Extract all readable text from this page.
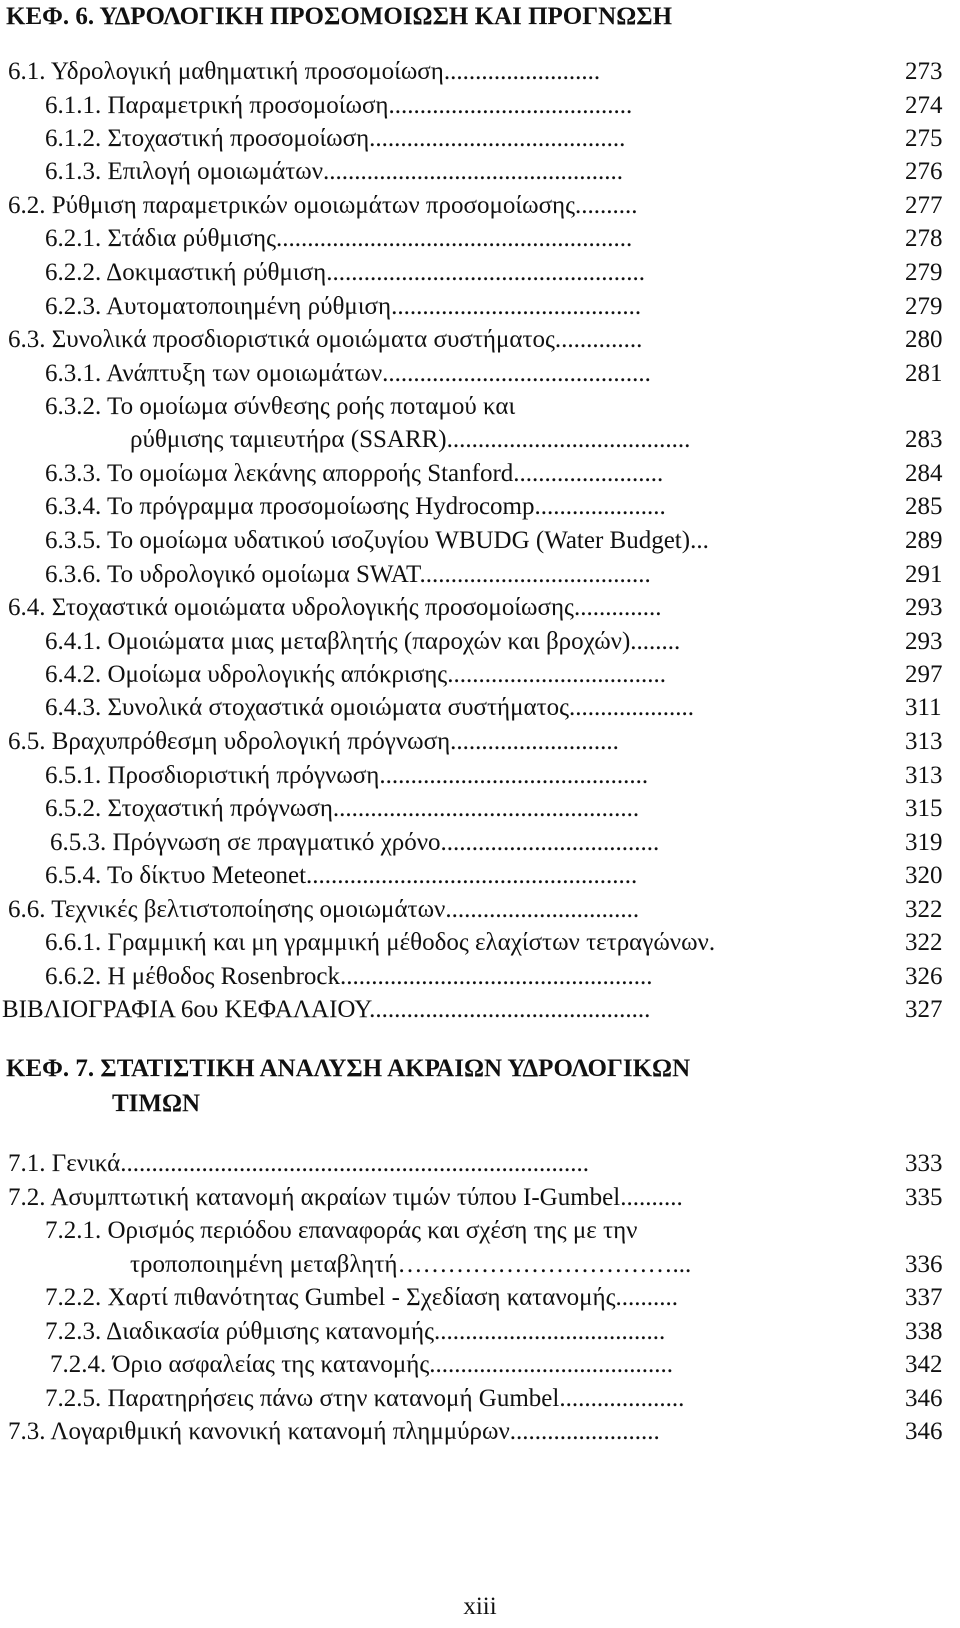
ΚΕΦ. 6. ΥΔΡΟΛΟΓΙΚΗ ΠΡΟΣΟΜΟΙΩΣΗ ΚΑΙ ΠΡΟΓΝΩΣΗ
6.1. Υδρολογική μαθηματική προσομοίωση.........................	273
6.1.1. Παραμετρική προσομοίωση.......................................	274
6.1.2. Στοχαστική προσομοίωση.........................................	275
6.1.3. Επιλογή ομοιωμάτων................................................	276
6.2. Ρύθμιση παραμετρικών ομοιωμάτων προσομοίωσης..........	277
6.2.1. Στάδια ρύθμισης.........................................................	278
6.2.2. Δοκιμαστική ρύθμιση...................................................	279
6.2.3. Αυτοματοποιημένη ρύθμιση........................................	279
6.3. Συνολικά προσδιοριστικά ομοιώματα συστήματος..............	280
6.3.1. Ανάπτυξη των ομοιωμάτων...........................................	281
6.3.2. Το ομοίωμα σύνθεσης ροής ποταμού και
ρύθμισης ταμιευτήρα (SSARR).......................................	283
6.3.3. Το ομοίωμα λεκάνης απορροής Stanford........................	284
6.3.4. Το πρόγραμμα προσομοίωσης Hydrocomp.....................	285
6.3.5. Το ομοίωμα υδατικού ισοζυγίου WBUDG (Water Budget)...	289
6.3.6. Το υδρολογικό ομοίωμα SWAT.....................................	291
6.4. Στοχαστικά ομοιώματα υδρολογικής προσομοίωσης..............	293
6.4.1. Ομοιώματα μιας μεταβλητής (παροχών και βροχών)........	293
6.4.2. Ομοίωμα υδρολογικής απόκρισης...................................	297
6.4.3. Συνολικά στοχαστικά ομοιώματα συστήματος....................	311
6.5. Βραχυπρόθεσμη υδρολογική πρόγνωση...........................	313
6.5.1. Προσδιοριστική πρόγνωση...........................................	313
6.5.2. Στοχαστική πρόγνωση.................................................	315
6.5.3. Πρόγνωση σε πραγματικό χρόνο...................................	319
6.5.4. Το δίκτυο Meteonet.....................................................	320
6.6. Τεχνικές βελτιστοποίησης ομοιωμάτων...............................	322
6.6.1. Γραμμική και μη γραμμική μέθοδος ελαχίστων τετραγώνων.	322
6.6.2. Η μέθοδος Rosenbrock..................................................	326
ΒΙΒΛΙΟΓΡΑΦΙΑ 6ου ΚΕΦΑΛΑΙΟΥ.............................................	327
ΚΕΦ. 7. ΣΤΑΤΙΣΤΙΚΗ ΑΝΑΛΥΣΗ ΑΚΡΑΙΩΝ ΥΔΡΟΛΟΓΙΚΩΝ
ΤΙΜΩΝ
7.1. Γενικά...........................................................................	333
7.2. Ασυμπτωτική κατανομή ακραίων τιμών τύπου I-Gumbel..........	335
7.2.1. Ορισμός περιόδου επαναφοράς και σχέση της με την
τροποποιημένη μεταβλητή……………………………...	336
7.2.2. Χαρτί πιθανότητας Gumbel - Σχεδίαση κατανομής..........	337
7.2.3. Διαδικασία ρύθμισης κατανομής.....................................	338
7.2.4. Όριο ασφαλείας της κατανομής.......................................	342
7.2.5. Παρατηρήσεις πάνω στην κατανομή Gumbel....................	346
7.3. Λογαριθμική κανονική κατανομή πλημμύρων........................	346
xiii
